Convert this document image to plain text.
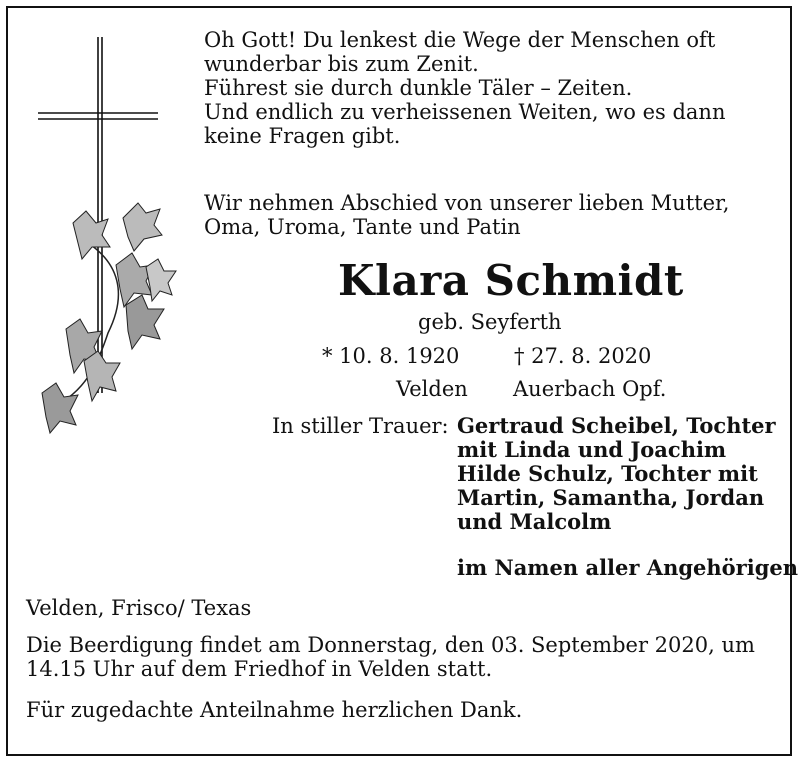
Oh Gott! Du lenkest die Wege der Menschen oft
wunderbar bis zum Zenit.
Führest sie durch dunkle Täler – Zeiten.
Und endlich zu verheissenen Weiten, wo es dann
keine Fragen gibt.
Wir nehmen Abschied von unserer lieben Mutter,
Oma, Uroma, Tante und Patin
Klara Schmidt
geb. Seyferth
* 10. 8. 1920	† 27. 8. 2020
Velden Auerbach Opf.
In stiller Trauer: Gertraud Scheibel, Tochter
mit Linda und Joachim
Hilde Schulz, Tochter mit
Martin, Samantha, Jordan
und Malcolm
im Namen aller Angehörigen
Velden, Frisco/ Texas
Die Beerdigung findet am Donnerstag, den 03. September 2020, um
14.15 Uhr auf dem Friedhof in Velden statt.
Für zugedachte Anteilnahme herzlichen Dank.
